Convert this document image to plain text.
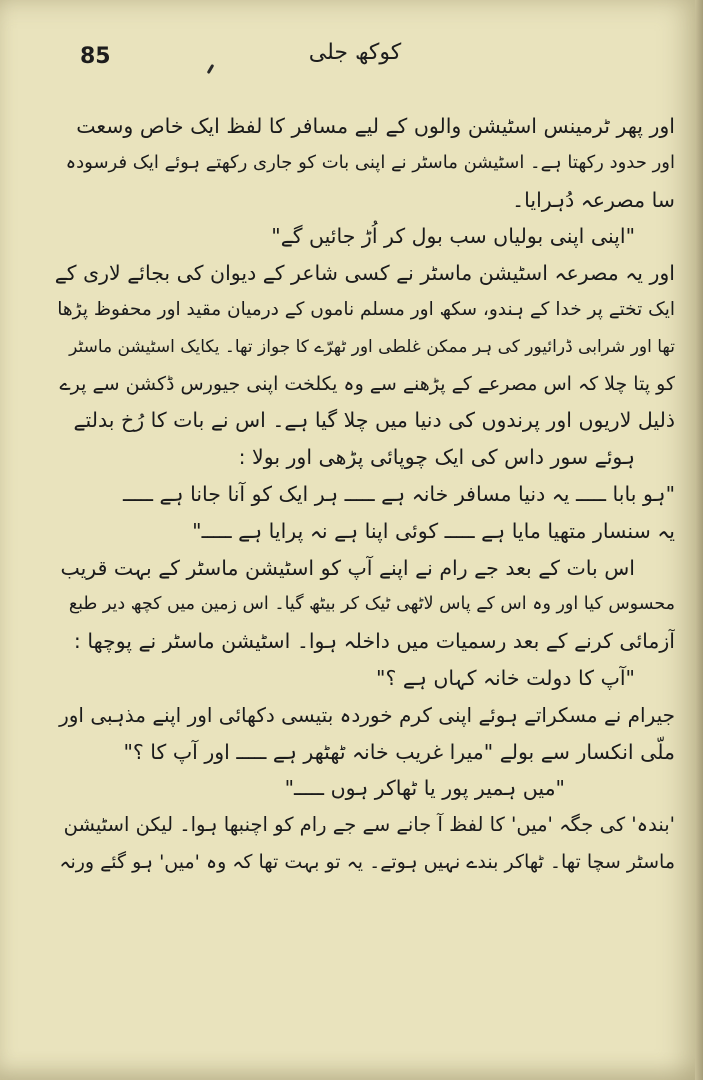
85	کوکھ جلی
اور پھر ٹرمینس اسٹیشن والوں کے لیے مسافر کا لفظ ایک خاص وسعت
اور حدود رکھتا ہے۔ اسٹیشن ماسٹر نے اپنی بات کو جاری رکھتے ہوئے ایک فرسودہ
سا مصرعہ دُہرایا۔
"اپنی اپنی بولیاں سب بول کر اُڑ جائیں گے"
اور یہ مصرعہ اسٹیشن ماسٹر نے کسی شاعر کے دیوان کی بجائے لاری کے
ایک تختے پر خدا کے ہندو، سکھ اور مسلم ناموں کے درمیان مقید اور محفوظ پڑھا
تھا اور شرابی ڈرائیور کی ہر ممکن غلطی اور ٹھرّے کا جواز تھا۔ یکایک اسٹیشن ماسٹر
کو پتا چلا کہ اس مصرعے کے پڑھنے سے وہ یکلخت اپنی جیورس ڈکشن سے پرے
ذلیل لاریوں اور پرندوں کی دنیا میں چلا گیا ہے۔ اس نے بات کا رُخ بدلتے
ہوئے سور داس کی ایک چوپائی پڑھی اور بولا :
"ہو بابا ـــــ یہ دنیا مسافر خانہ ہے ـــــ ہر ایک کو آنا جانا ہے ـــــ
یہ سنسار متھیا مایا ہے ـــــ کوئی اپنا ہے نہ پرایا ہے ـــــ"
اس بات کے بعد جے رام نے اپنے آپ کو اسٹیشن ماسٹر کے بہت قریب
محسوس کیا اور وہ اس کے پاس لاٹھی ٹیک کر بیٹھ گیا۔ اس زمین میں کچھ دیر طبع
آزمائی کرنے کے بعد رسمیات میں داخلہ ہوا۔ اسٹیشن ماسٹر نے پوچھا :
"آپ کا دولت خانہ کہاں ہے ؟"
جیرام نے مسکراتے ہوئے اپنی کرم خوردہ بتیسی دکھائی اور اپنے مذہبی اور
ملّی انکسار سے بولے "میرا غریب خانہ ٹھٹھر ہے ـــــ اور آپ کا ؟"
"میں ہمیر پور یا ٹھاکر ہوں ـــــ"
'بندہ' کی جگہ 'میں' کا لفظ آ جانے سے جے رام کو اچنبھا ہوا۔ لیکن اسٹیشن
ماسٹر سچا تھا۔ ٹھاکر بندے نہیں ہوتے۔ یہ تو بہت تھا کہ وہ 'میں' ہو گئے ورنہ
